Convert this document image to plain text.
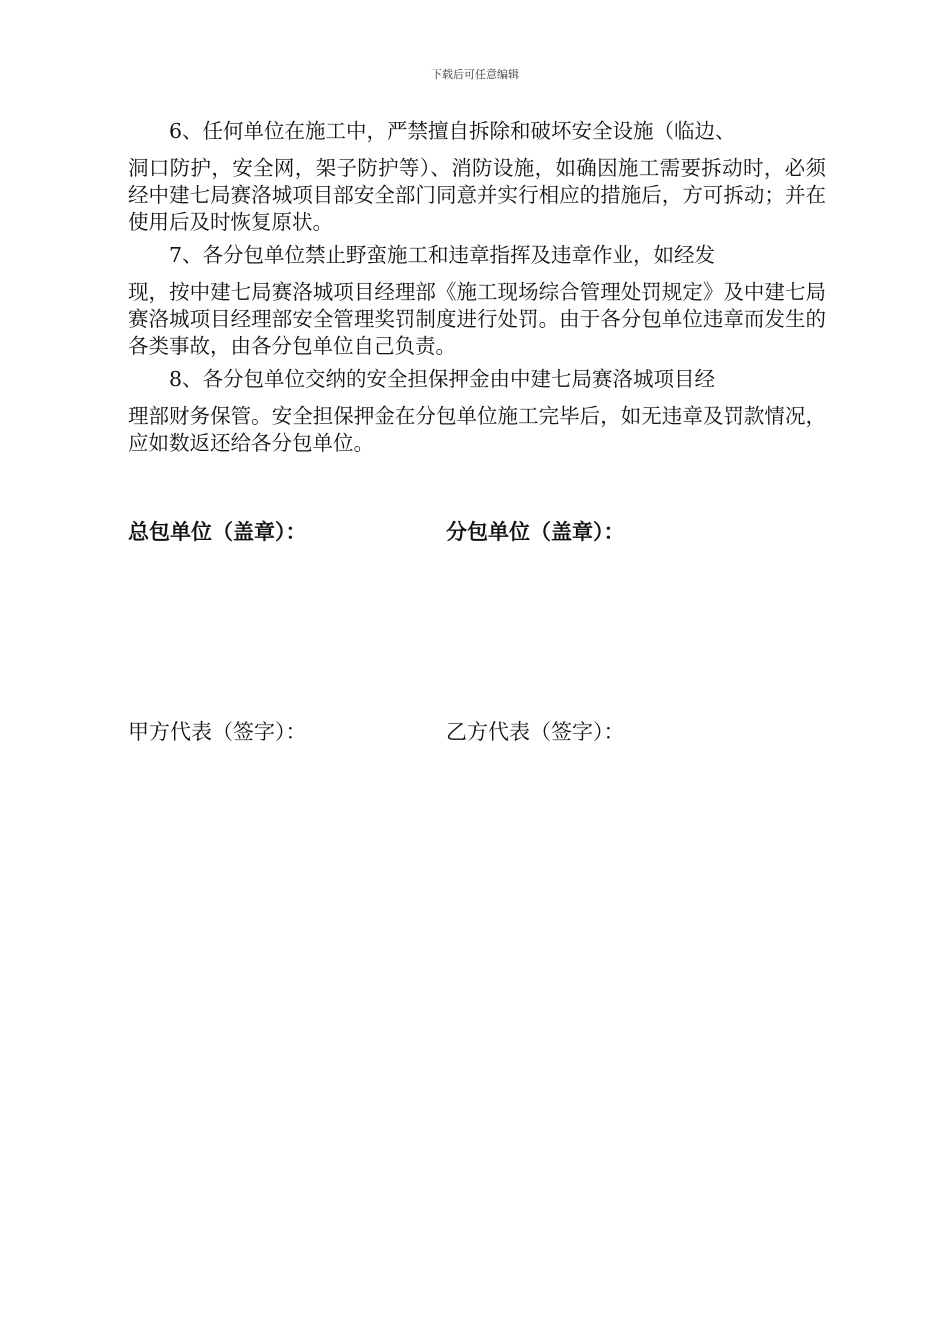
下载后可任意编辑

6、任何单位在施工中，严禁擅自拆除和破坏安全设施（临边、

洞口防护，安全网，架子防护等）、消防设施，如确因施工需要拆动时，必须经中建七局赛洛城项目部安全部门同意并实行相应的措施后，方可拆动；并在使用后及时恢复原状。

7、各分包单位禁止野蛮施工和违章指挥及违章作业，如经发

现，按中建七局赛洛城项目经理部《施工现场综合管理处罚规定》及中建七局赛洛城项目经理部安全管理奖罚制度进行处罚。由于各分包单位违章而发生的各类事故，由各分包单位自己负责。

8、各分包单位交纳的安全担保押金由中建七局赛洛城项目经

理部财务保管。安全担保押金在分包单位施工完毕后，如无违章及罚款情况，应如数返还给各分包单位。

总包单位（盖章）：	分包单位（盖章）：

甲方代表（签字）：	乙方代表（签字）：
